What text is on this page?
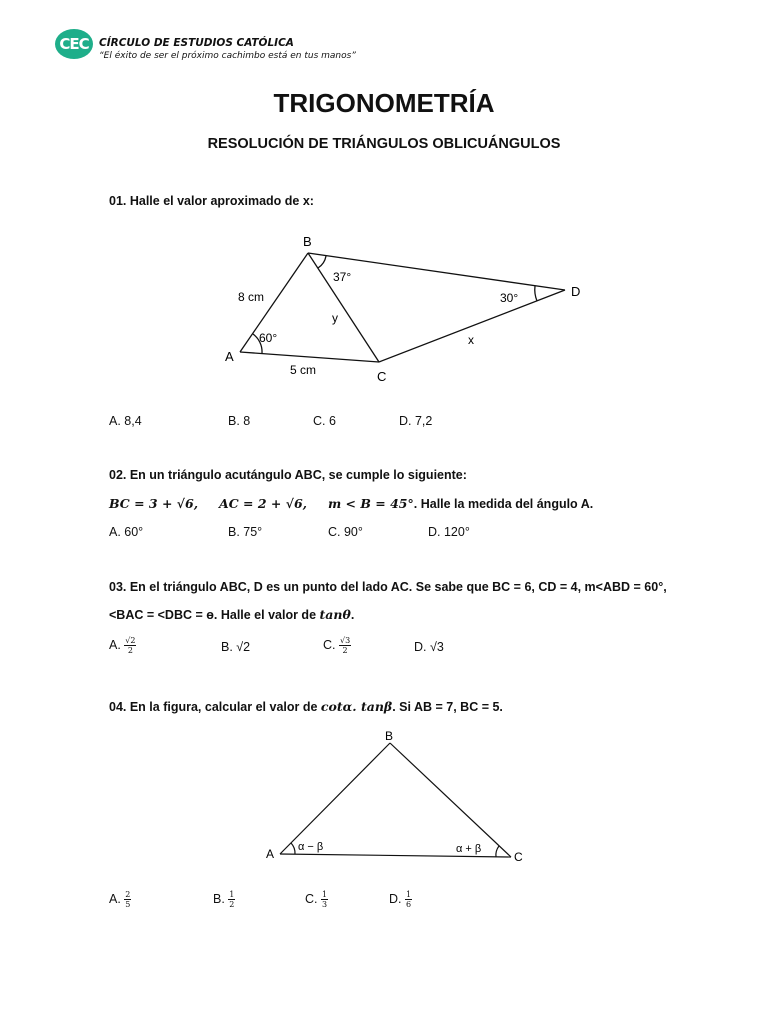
CEC CÍRCULO DE ESTUDIOS CATÓLICA
“El éxito de ser el próximo cachimbo está en tus manos”
TRIGONOMETRÍA
RESOLUCIÓN DE TRIÁNGULOS OBLICUÁNGULOS
01. Halle el valor aproximado de x:
B
A
C
D
8 cm
5 cm
y
x
60°
37°
30°
A. 8,4	B. 8	C. 6	D. 7,2
02. En un triángulo acutángulo ABC, se cumple lo siguiente:
BC = 3 + √6, AC = 2 + √6, m < B = 45°. Halle la medida del ángulo A.
A. 60°	B. 75°	C. 90°	D. 120°
03. En el triángulo ABC, D es un punto del lado AC. Se sabe que BC = 6, CD = 4, m<ABD = 60°,
<BAC = <DBC = ɵ. Halle el valor de tanθ.
A. $\frac{√2}{2}$	B. √2	C. $\frac{√3}{2}$	D. √3
04. En la figura, calcular el valor de cotα. tanβ. Si AB = 7, BC = 5.
B
A	C
α − β	α + β
A. $\frac{2}{5}$	B. $\frac{1}{2}$	C. $\frac{1}{3}$	D. $\frac{1}{6}$
